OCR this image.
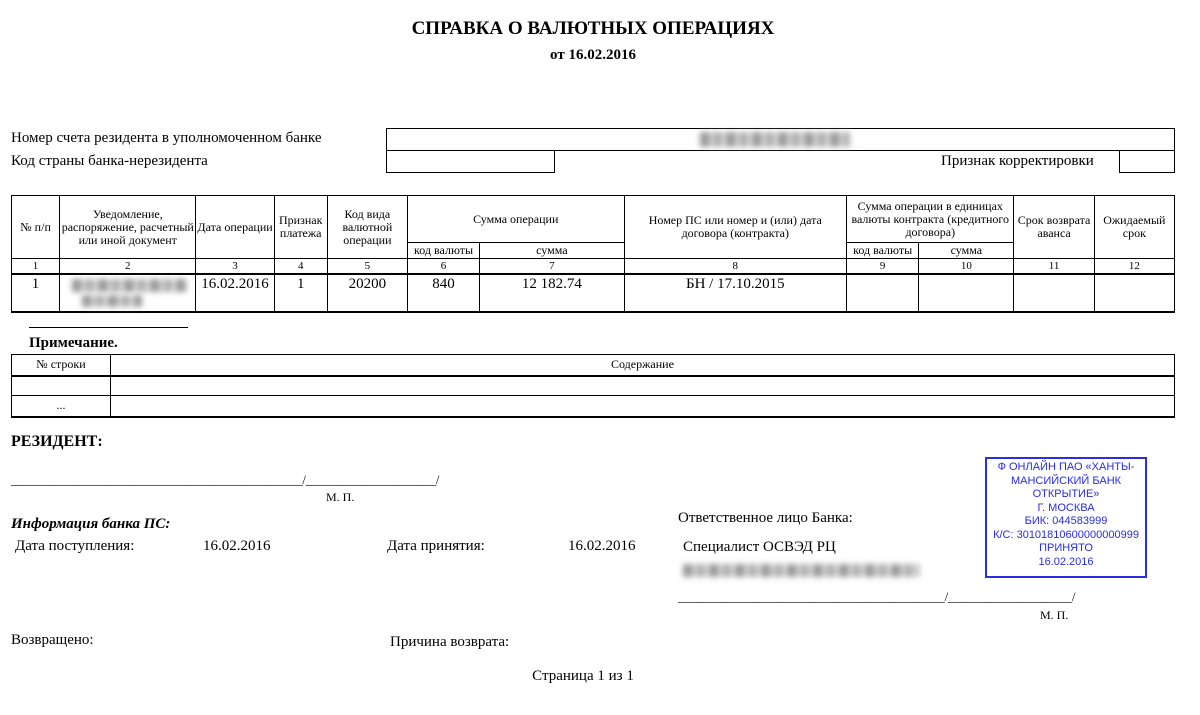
СПРАВКА О ВАЛЮТНЫХ ОПЕРАЦИЯХ
от 16.02.2016
Номер счета резидента в уполномоченном банке
Код страны банка-нерезидента	Признак корректировки
№ п/п	Уведомление, распоряжение, расчетный или иной документ	Дата операции	Признак платежа	Код вида валютной операции	Сумма операции		Номер ПС или номер и (или) дата договора (контракта)	Сумма операции в единицах валюты контракта (кредитного договора)		Срок возврата аванса	Ожидаемый срок
					код валюты	сумма		код валюты	сумма		
1	2	3	4	5	6	7	8	9	10	11	12
1		16.02.2016	1	20200	840	12 182.74	БН / 17.10.2015				
Примечание.
№ строки	Содержание

...	
РЕЗИДЕНТ:
_______________________________________________/_____________________/
М. П.
Информация банка ПС:
Дата поступления:	16.02.2016	Дата принятия:	16.02.2016
Ответственное лицо Банка:
Специалист ОСВЭД РЦ
___________________________________________/____________________/
М. П.
Ф ОНЛАЙН ПАО «ХАНТЫ-
МАНСИЙСКИЙ БАНК
ОТКРЫТИЕ»
Г. МОСКВА
БИК: 044583999
К/С: 30101810600000000999
ПРИНЯТО
16.02.2016
Возвращено:	Причина возврата:
Страница 1 из 1
